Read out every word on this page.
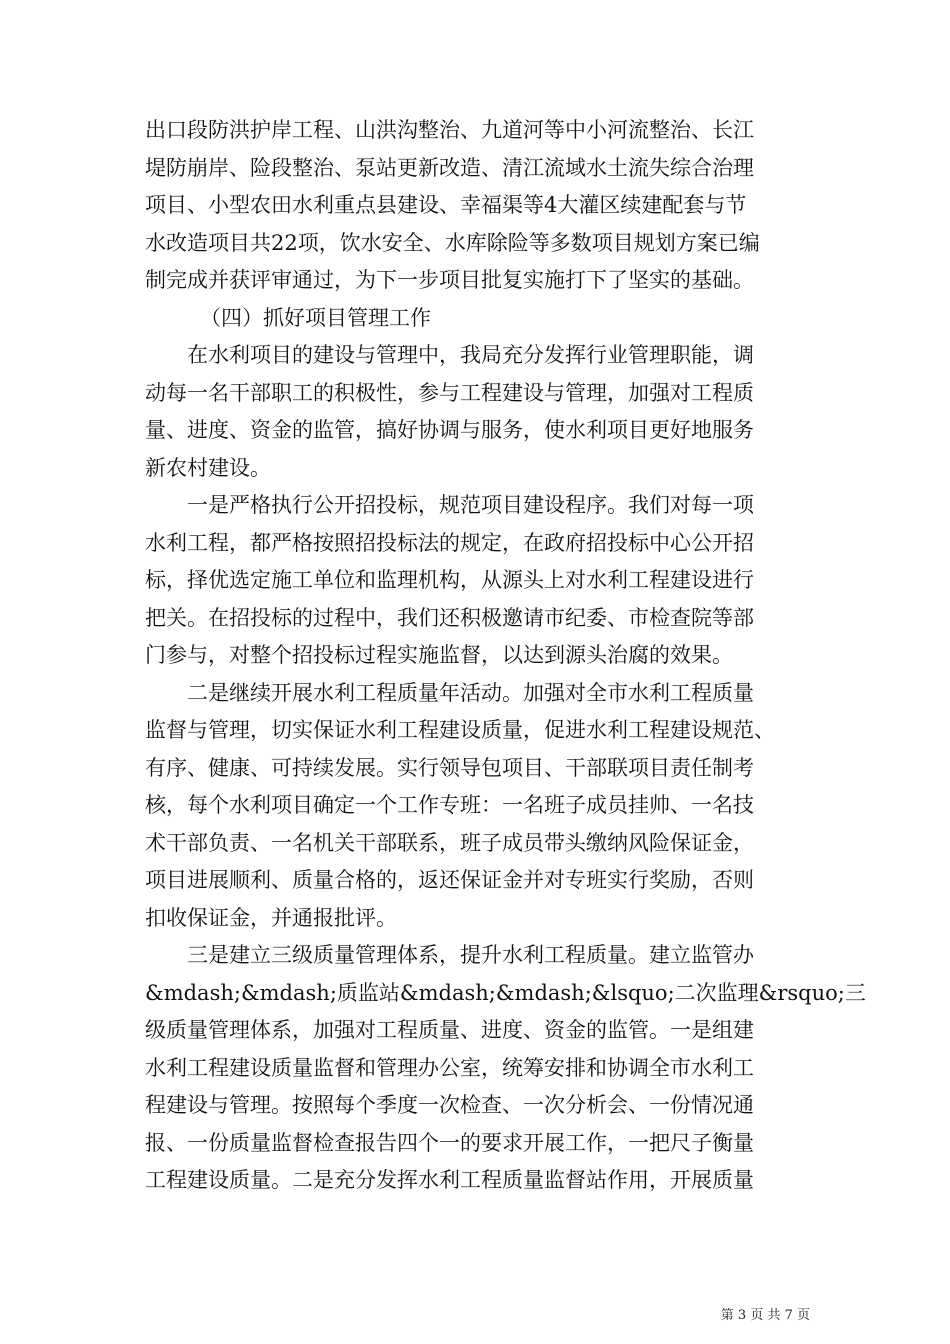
出口段防洪护岸工程、山洪沟整治、九道河等中小河流整治、长江
堤防崩岸、险段整治、泵站更新改造、清江流域水土流失综合治理
项目、小型农田水利重点县建设、幸福渠等4大灌区续建配套与节
水改造项目共22项，饮水安全、水库除险等多数项目规划方案已编
制完成并获评审通过，为下一步项目批复实施打下了坚实的基础。
（四）抓好项目管理工作
在水利项目的建设与管理中，我局充分发挥行业管理职能，调
动每一名干部职工的积极性，参与工程建设与管理，加强对工程质
量、进度、资金的监管，搞好协调与服务，使水利项目更好地服务
新农村建设。
一是严格执行公开招投标，规范项目建设程序。我们对每一项
水利工程，都严格按照招投标法的规定，在政府招投标中心公开招
标，择优选定施工单位和监理机构，从源头上对水利工程建设进行
把关。在招投标的过程中，我们还积极邀请市纪委、市检查院等部
门参与，对整个招投标过程实施监督，以达到源头治腐的效果。
二是继续开展水利工程质量年活动。加强对全市水利工程质量
监督与管理，切实保证水利工程建设质量，促进水利工程建设规范、
有序、健康、可持续发展。实行领导包项目、干部联项目责任制考
核，每个水利项目确定一个工作专班：一名班子成员挂帅、一名技
术干部负责、一名机关干部联系，班子成员带头缴纳风险保证金，
项目进展顺利、质量合格的，返还保证金并对专班实行奖励，否则
扣收保证金，并通报批评。
三是建立三级质量管理体系，提升水利工程质量。建立监管办
&mdash;&mdash;质监站&mdash;&mdash;&lsquo;二次监理&rsquo;三
级质量管理体系，加强对工程质量、进度、资金的监管。一是组建
水利工程建设质量监督和管理办公室，统筹安排和协调全市水利工
程建设与管理。按照每个季度一次检查、一次分析会、一份情况通
报、一份质量监督检查报告四个一的要求开展工作，一把尺子衡量
工程建设质量。二是充分发挥水利工程质量监督站作用，开展质量
第 3 页 共 7 页
